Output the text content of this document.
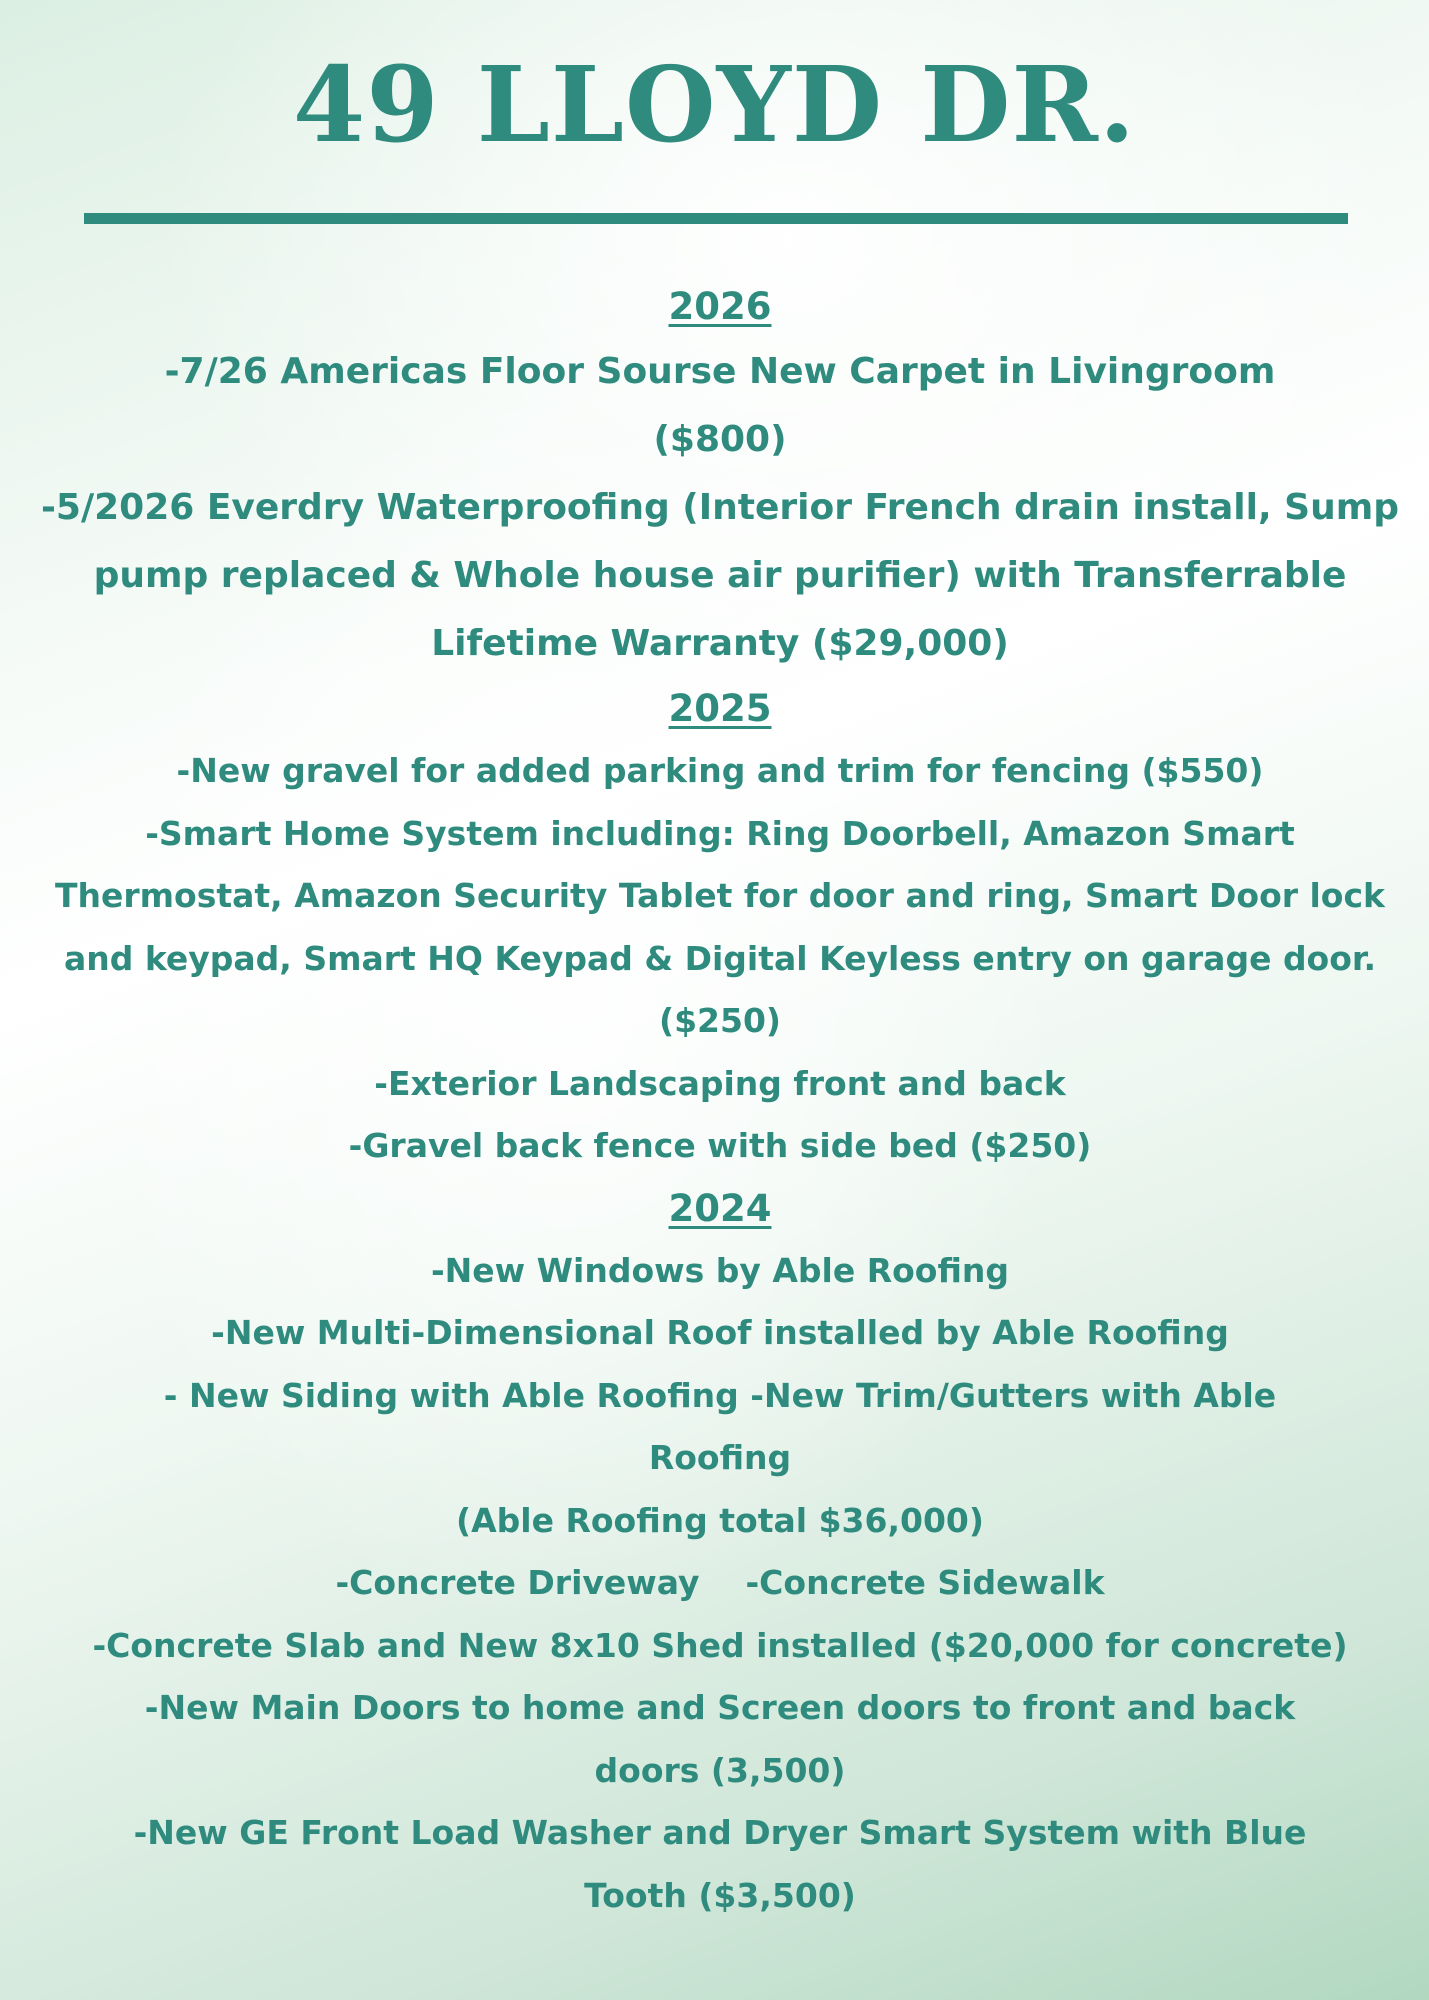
49 LLOYD DR.
2026

-7/26 Americas Floor Sourse New Carpet in Livingroom ($800)

-5/2026 Everdry Waterproofing (Interior French drain install, Sump pump replaced & Whole house air purifier) with Transferrable Lifetime Warranty ($29,000)

2025

-New gravel for added parking and trim for fencing ($550)

-Smart Home System including: Ring Doorbell, Amazon Smart Thermostat, Amazon Security Tablet for door and ring, Smart Door lock and keypad, Smart HQ Keypad & Digital Keyless entry on garage door. ($250)

-Exterior Landscaping front and back

-Gravel back fence with side bed ($250)

2024

-New Windows by Able Roofing

-New Multi-Dimensional Roof installed by Able Roofing

- New Siding with Able Roofing -New Trim/Gutters with Able Roofing

(Able Roofing total $36,000)

-Concrete Driveway    -Concrete Sidewalk

-Concrete Slab and New 8x10 Shed installed ($20,000 for concrete)

-New Main Doors to home and Screen doors to front and back doors (3,500)

-New GE Front Load Washer and Dryer Smart System with Blue Tooth ($3,500)
